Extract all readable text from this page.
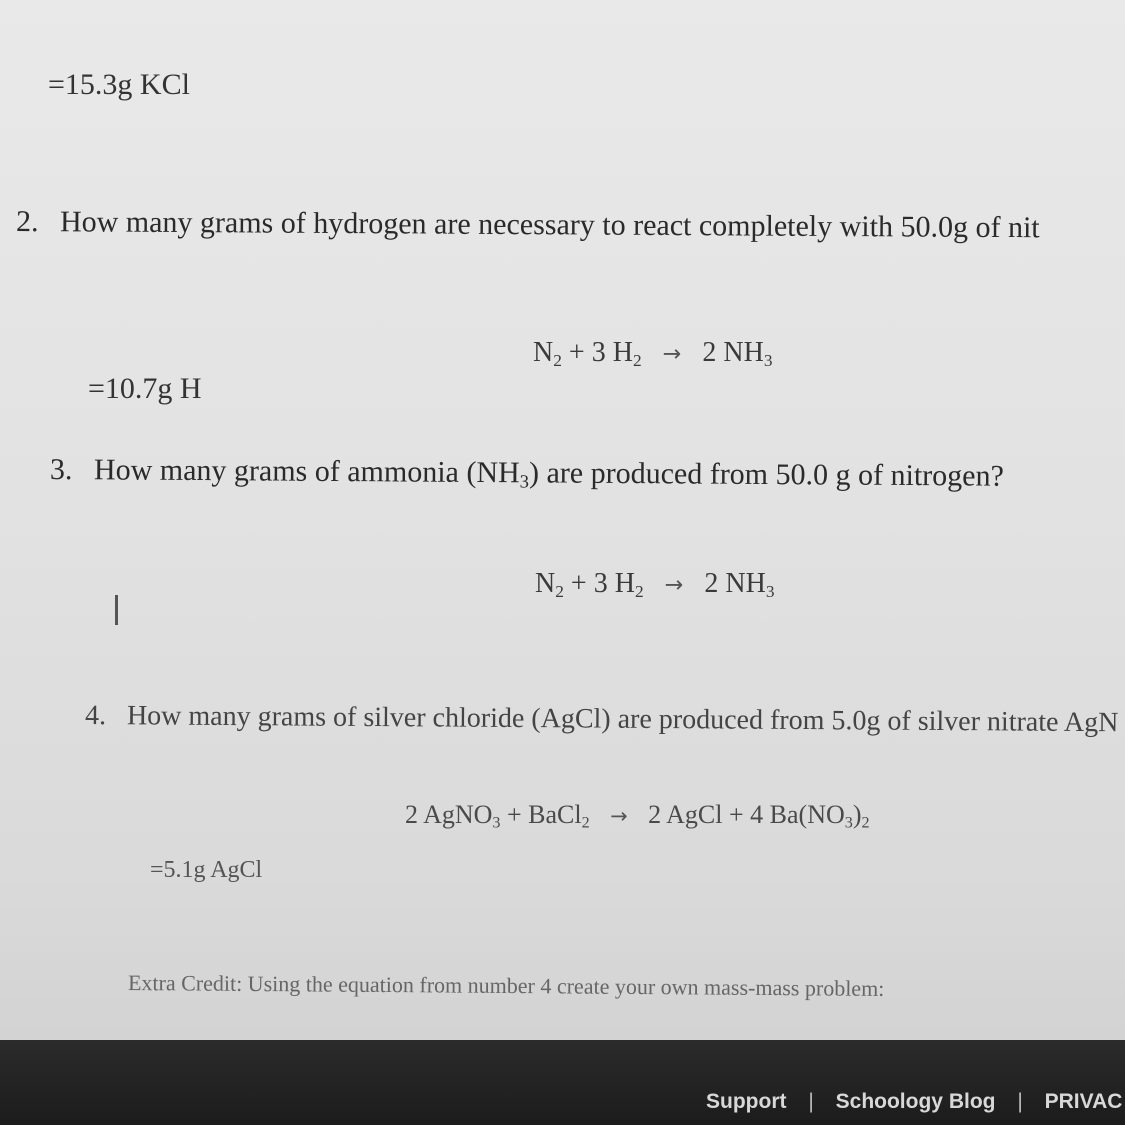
=15.3g KCl
2. How many grams of hydrogen are necessary to react completely with 50.0g of nit
$N_2 + 3$ $H_2 \to 2$ $NH_3$
=10.7g H
3. How many grams of ammonia $(NH_3)$ are produced from 50.0 g of nitrogen?
$N_2 + 3$ $H_2 \to 2$ $NH_3$
4. How many grams of silver chloride (AgCl) are produced from 5.0g of silver nitrate AgN
2 AgNO$_3$ + BaCl$_2$ → 2 AgCl + 4 $Ba(NO_3)_2$
=5.1g AgCl
Extra Credit: Using the equation from number 4 create your own mass-mass problem:
Support | Schoology Blog | PRIVAC
